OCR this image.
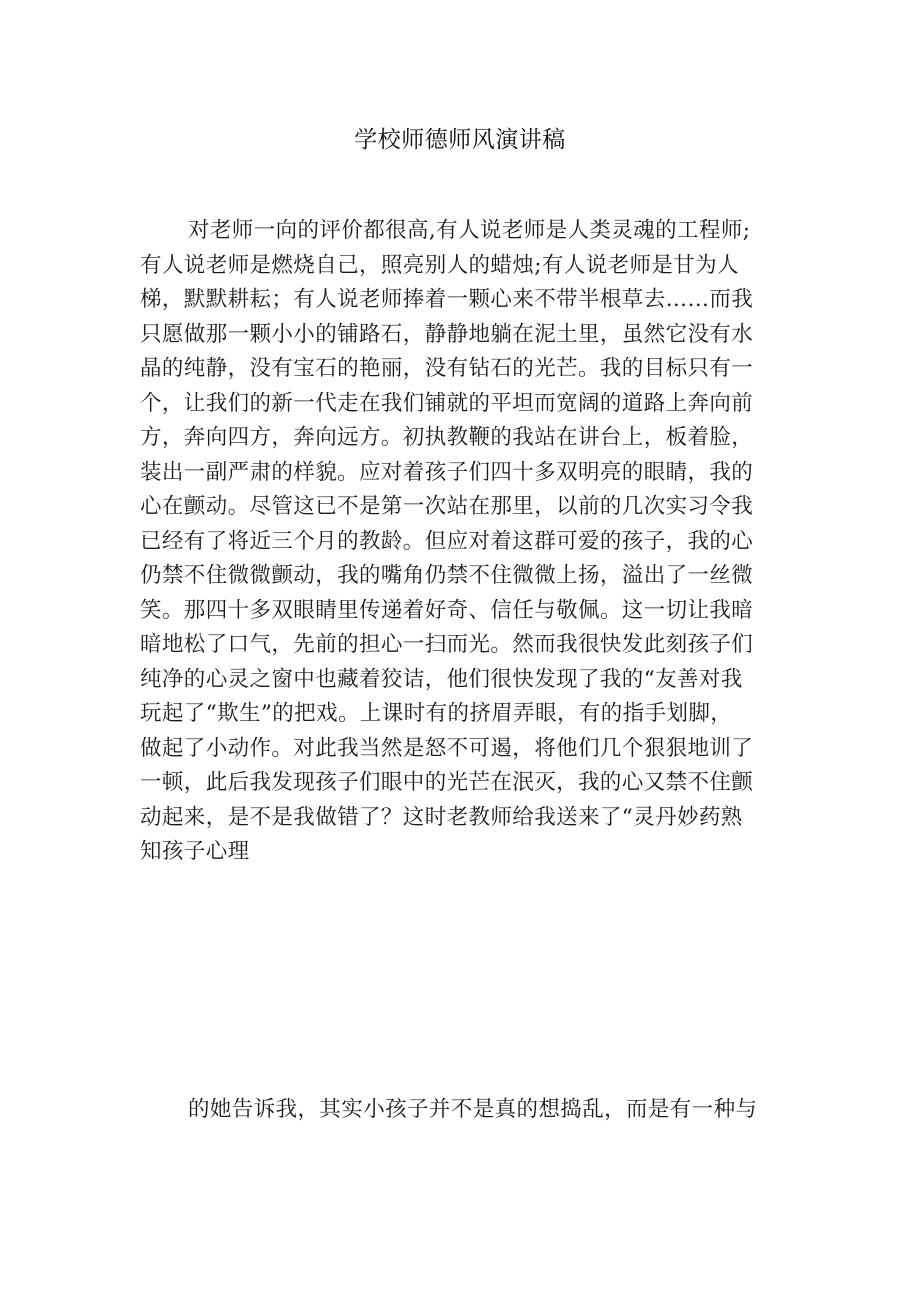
学校师德师风演讲稿
对老师一向的评价都很高,有人说老师是人类灵魂的工程师;
有人说老师是燃烧自己，照亮别人的蜡烛;有人说老师是甘为人
梯，默默耕耘；有人说老师捧着一颗心来不带半根草去……而我
只愿做那一颗小小的铺路石，静静地躺在泥土里，虽然它没有水
晶的纯静，没有宝石的艳丽，没有钻石的光芒。我的目标只有一
个，让我们的新一代走在我们铺就的平坦而宽阔的道路上奔向前
方，奔向四方，奔向远方。初执教鞭的我站在讲台上，板着脸，
装出一副严肃的样貌。应对着孩子们四十多双明亮的眼睛，我的
心在颤动。尽管这已不是第一次站在那里，以前的几次实习令我
已经有了将近三个月的教龄。但应对着这群可爱的孩子，我的心
仍禁不住微微颤动，我的嘴角仍禁不住微微上扬，溢出了一丝微
笑。那四十多双眼睛里传递着好奇、信任与敬佩。这一切让我暗
暗地松了口气，先前的担心一扫而光。然而我很快发此刻孩子们
纯净的心灵之窗中也藏着狡诘，他们很快发现了我的“友善对我
玩起了“欺生”的把戏。上课时有的挤眉弄眼，有的指手划脚，
做起了小动作。对此我当然是怒不可遏，将他们几个狠狠地训了
一顿，此后我发现孩子们眼中的光芒在泯灭，我的心又禁不住颤
动起来，是不是我做错了？这时老教师给我送来了“灵丹妙药熟
知孩子心理
的她告诉我，其实小孩子并不是真的想捣乱，而是有一种与
